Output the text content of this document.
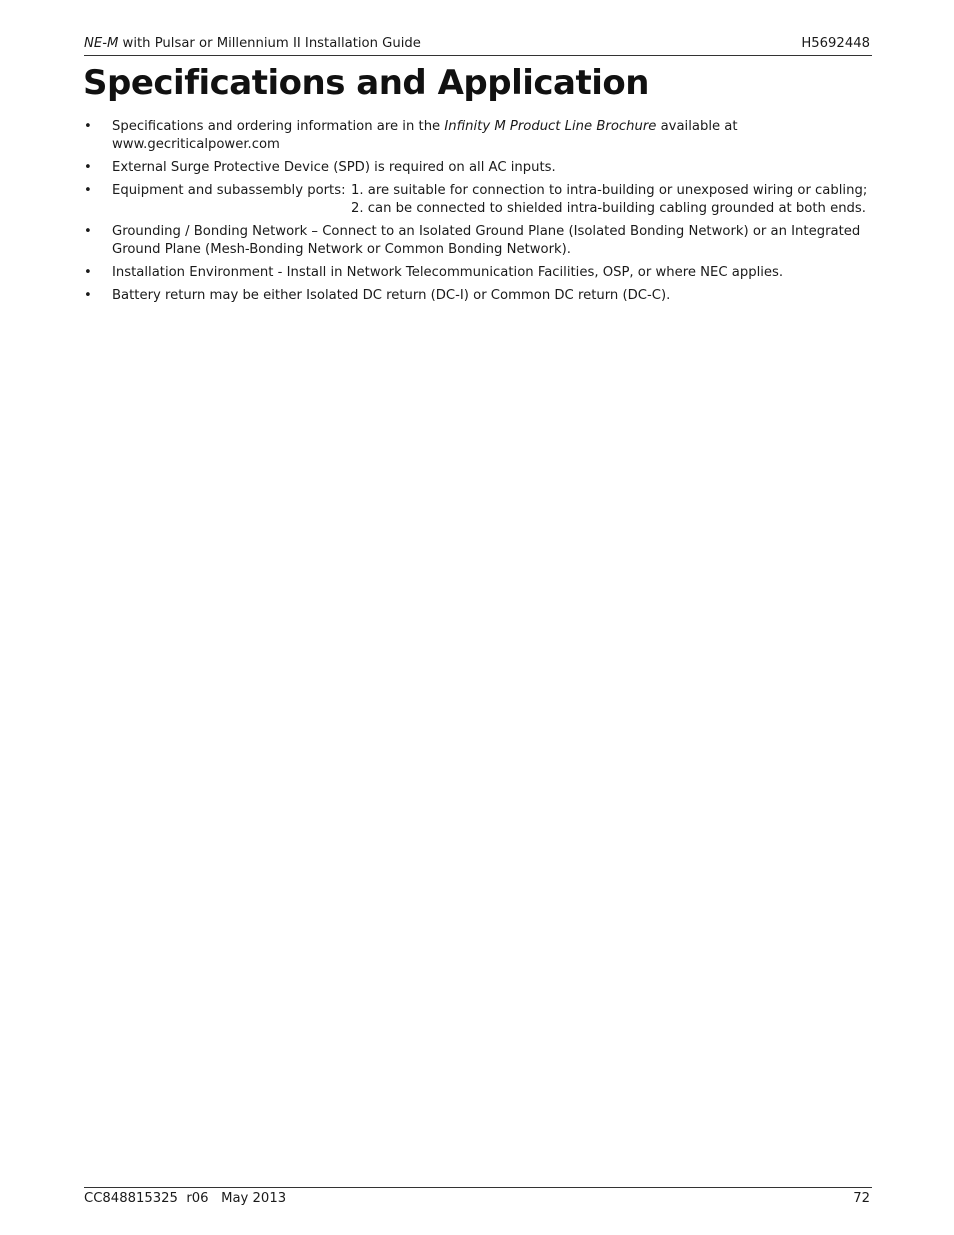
NE-M with Pulsar or Millennium II Installation Guide	H5692448
Specifications and Application
• Specifications and ordering information are in the Infinity M Product Line Brochure available at
www.gecriticalpower.com
• External Surge Protective Device (SPD) is required on all AC inputs.
• Equipment and subassembly ports: 1. are suitable for connection to intra-building or unexposed wiring or cabling;
2. can be connected to shielded intra-building cabling grounded at both ends.
• Grounding / Bonding Network – Connect to an Isolated Ground Plane (Isolated Bonding Network) or an Integrated Ground Plane (Mesh-Bonding Network or Common Bonding Network).
• Installation Environment - Install in Network Telecommunication Facilities, OSP, or where NEC applies.
• Battery return may be either Isolated DC return (DC-I) or Common DC return (DC-C).
CC848815325  r06   May 2013	72
